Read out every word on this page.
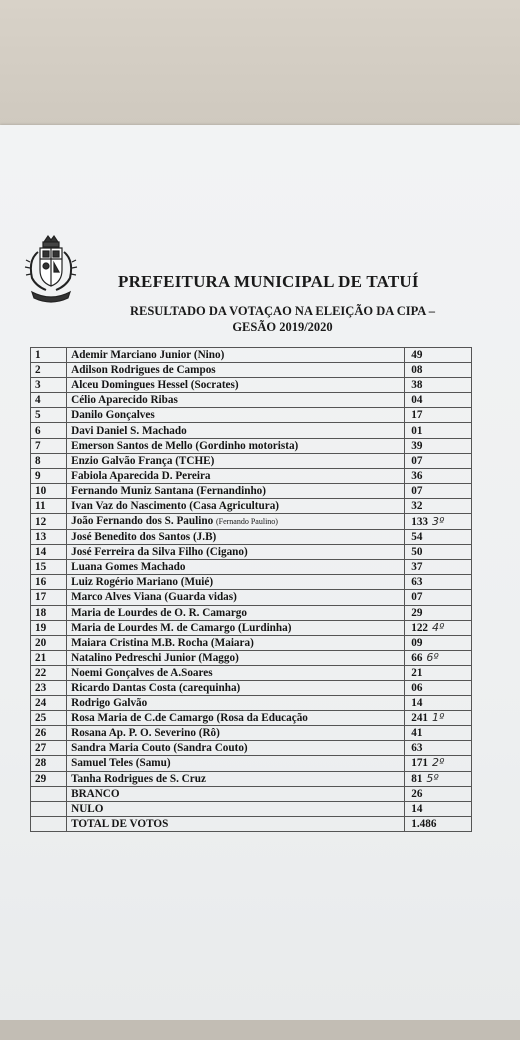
PREFEITURA MUNICIPAL DE TATUÍ
RESULTADO DA VOTAÇAO NA ELEIÇÃO DA CIPA –
GESÃO 2019/2020
1	Ademir Marciano Junior (Nino)	49
2	Adilson Rodrigues de Campos	08
3	Alceu Domingues Hessel (Socrates)	38
4	Célio Aparecido Ribas	04
5	Danilo Gonçalves	17
6	Davi Daniel S. Machado	01
7	Emerson Santos de Mello (Gordinho motorista)	39
8	Enzio Galvão França (TCHE)	07
9	Fabiola Aparecida D. Pereira	36
10	Fernando Muniz Santana (Fernandinho)	07
11	Ivan Vaz do Nascimento (Casa Agricultura)	32
12	João Fernando dos S. Paulino (Fernando Paulino)	133 3º
13	José Benedito dos Santos (J.B)	54
14	José Ferreira da Silva Filho (Cigano)	50
15	Luana Gomes Machado	37
16	Luiz Rogério Mariano (Muié)	63
17	Marco Alves Viana (Guarda vidas)	07
18	Maria de Lourdes de O. R. Camargo	29
19	Maria de Lourdes M. de Camargo (Lurdinha)	122 4º
20	Maiara Cristina M.B. Rocha (Maiara)	09
21	Natalino Pedreschi Junior (Maggo)	66 6º
22	Noemi Gonçalves de A.Soares	21
23	Ricardo Dantas Costa (carequinha)	06
24	Rodrigo Galvão	14
25	Rosa Maria de C.de Camargo (Rosa da Educação	241 1º
26	Rosana Ap. P. O. Severino (Rô)	41
27	Sandra Maria Couto (Sandra Couto)	63
28	Samuel Teles (Samu)	171 2º
29	Tanha Rodrigues de S. Cruz	81 5º
	BRANCO	26
	NULO	14
	TOTAL DE VOTOS	1.486
